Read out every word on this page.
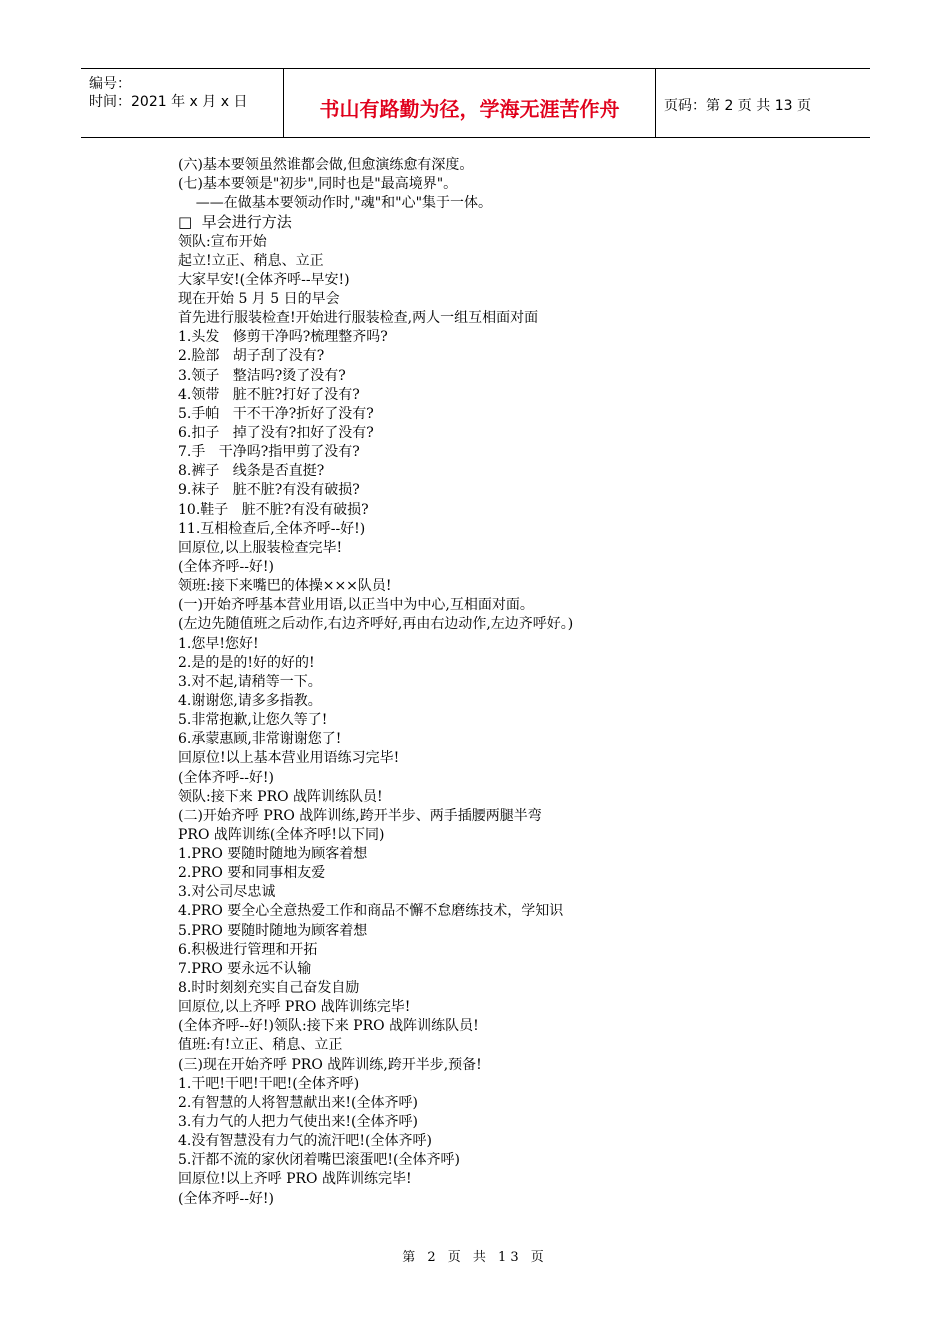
编号：
时间：2021 年 x 月 x 日	书山有路勤为径，学海无涯苦作舟	页码：第 2 页 共 13 页
(六)基本要领虽然谁都会做,但愈演练愈有深度。
(七)基本要领是"初步",同时也是"最高境界"。
——在做基本要领动作时,"魂"和"心"集于一体。
□  早会进行方法
领队:宣布开始
起立!立正、稍息、立正
大家早安!(全体齐呼--早安!)
现在开始 5 月 5 日的早会
首先进行服装检查!开始进行服装检查,两人一组互相面对面
1.头发   修剪干净吗?梳理整齐吗?
2.脸部   胡子刮了没有?
3.领子   整洁吗?烫了没有?
4.领带   脏不脏?打好了没有?
5.手帕   干不干净?折好了没有?
6.扣子   掉了没有?扣好了没有?
7.手   干净吗?指甲剪了没有?
8.裤子   线条是否直挺?
9.袜子   脏不脏?有没有破损?
10.鞋子   脏不脏?有没有破损?
11.互相检查后,全体齐呼--好!)
回原位,以上服装检查完毕!
(全体齐呼--好!)
领班:接下来嘴巴的体操×××队员!
(一)开始齐呼基本营业用语,以正当中为中心,互相面对面。
(左边先随值班之后动作,右边齐呼好,再由右边动作,左边齐呼好。)
1.您早!您好!
2.是的是的!好的好的!
3.对不起,请稍等一下。
4.谢谢您,请多多指教。
5.非常抱歉,让您久等了!
6.承蒙惠顾,非常谢谢您了!
回原位!以上基本营业用语练习完毕!
(全体齐呼--好!)
领队:接下来 PRO 战阵训练队员!
(二)开始齐呼 PRO 战阵训练,跨开半步、两手插腰两腿半弯
PRO 战阵训练(全体齐呼!以下同)
1.PRO 要随时随地为顾客着想
2.PRO 要和同事相友爱
3.对公司尽忠诚
4.PRO 要全心全意热爱工作和商品不懈不怠磨练技术，学知识
5.PRO 要随时随地为顾客着想
6.积极进行管理和开拓
7.PRO 要永远不认输
8.时时刻刻充实自己奋发自励
回原位,以上齐呼 PRO 战阵训练完毕!
(全体齐呼--好!)领队:接下来 PRO 战阵训练队员!
值班:有!立正、稍息、立正
(三)现在开始齐呼 PRO 战阵训练,跨开半步,预备!
1.干吧!干吧!干吧!(全体齐呼)
2.有智慧的人将智慧献出来!(全体齐呼)
3.有力气的人把力气使出来!(全体齐呼)
4.没有智慧没有力气的流汗吧!(全体齐呼)
5.汗都不流的家伙闭着嘴巴滚蛋吧!(全体齐呼)
回原位!以上齐呼 PRO 战阵训练完毕!
(全体齐呼--好!)
第 2 页 共 13 页
